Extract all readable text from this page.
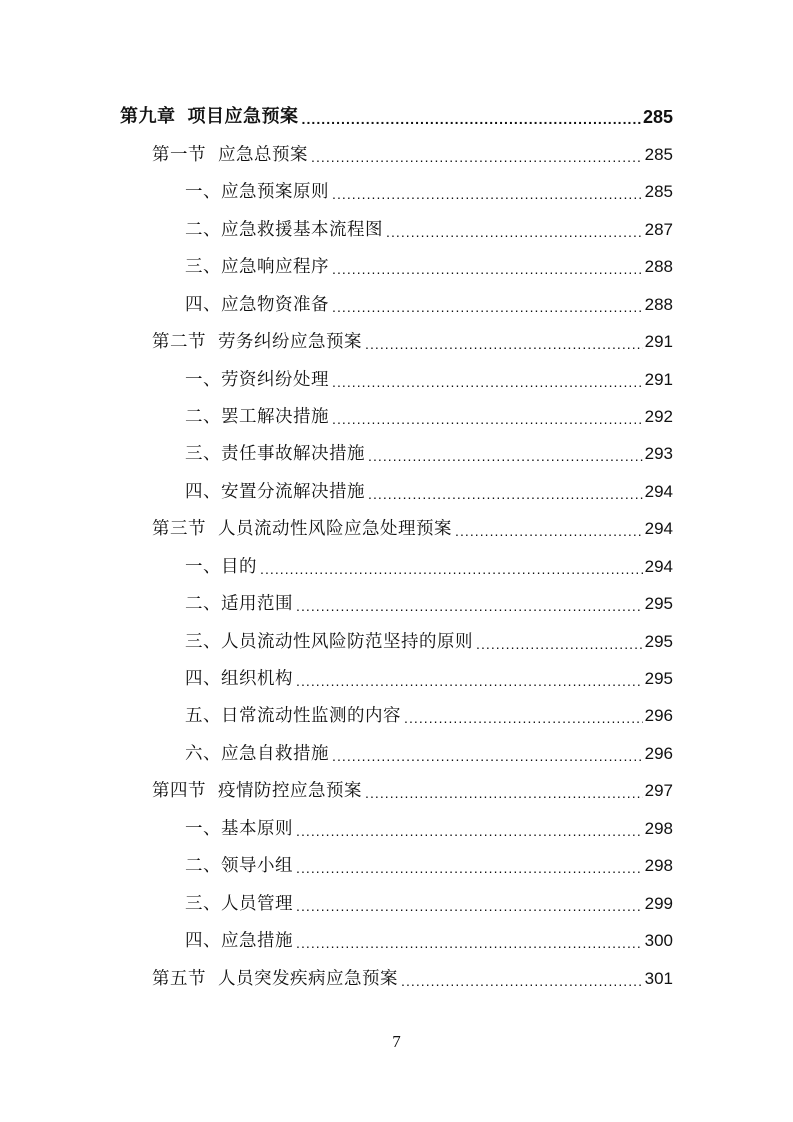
第九章 项目应急预案 .....	285
第一节 应急总预案 .....	285
一、应急预案原则 .....	285
二、应急救援基本流程图 .....	287
三、应急响应程序 .....	288
四、应急物资准备 .....	288
第二节 劳务纠纷应急预案 .....	291
一、劳资纠纷处理 .....	291
二、罢工解决措施 .....	292
三、责任事故解决措施 .....	293
四、安置分流解决措施 .....	294
第三节 人员流动性风险应急处理预案 .....	294
一、目的 .....	294
二、适用范围 .....	295
三、人员流动性风险防范坚持的原则 .....	295
四、组织机构 .....	295
五、日常流动性监测的内容 .....	296
六、应急自救措施 .....	296
第四节 疫情防控应急预案 .....	297
一、基本原则 .....	298
二、领导小组 .....	298
三、人员管理 .....	299
四、应急措施 .....	300
第五节 人员突发疾病应急预案 .....	301
7
